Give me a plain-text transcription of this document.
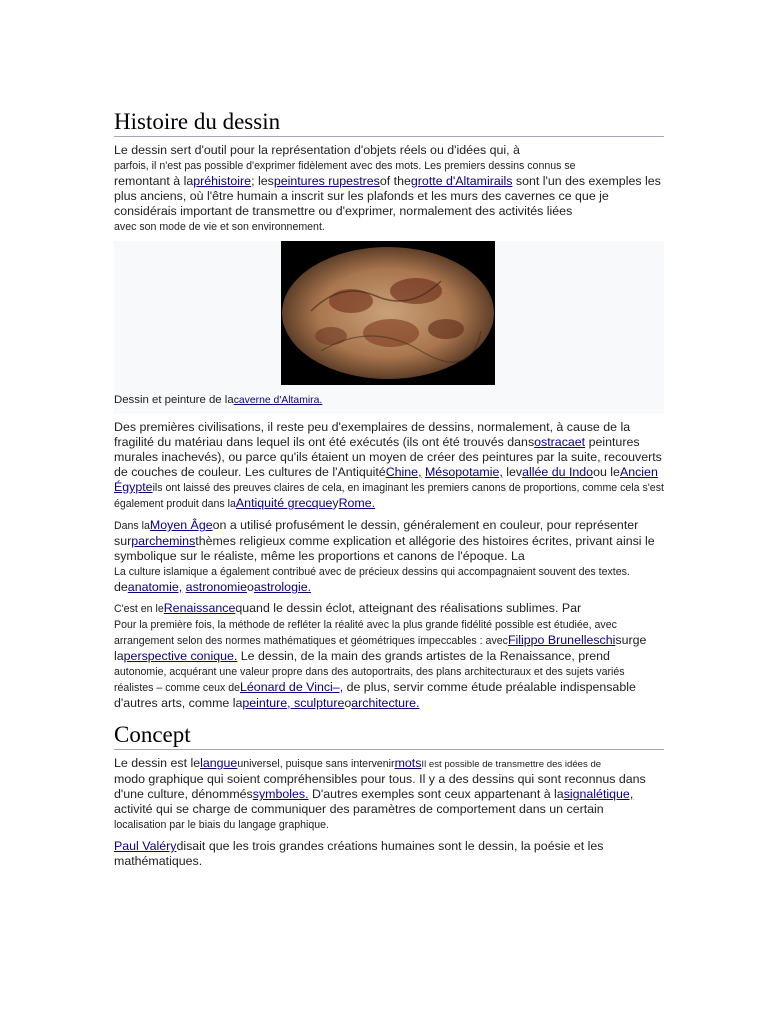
Histoire du dessin

Le dessin sert d'outil pour la représentation d'objets réels ou d'idées qui, à
parfois, il n'est pas possible d'exprimer fidèlement avec des mots. Les premiers dessins connus se
remontant à lapréhistoire; lespeintures rupestresof thegrotte d'Altamirails sont l'un des exemples les plus anciens, où l'être humain a inscrit sur les plafonds et les murs des cavernes ce que je considérais important de transmettre ou d'exprimer, normalement des activités liées
avec son mode de vie et son environnement.

Dessin et peinture de lacaverne d'Altamira.

Des premières civilisations, il reste peu d'exemplaires de dessins, normalement, à cause de la
fragilité du matériau dans lequel ils ont été exécutés (ils ont été trouvés dansostracaet peintures murales inachevés), ou parce qu'ils étaient un moyen de créer des peintures par la suite, recouverts de couches de couleur. Les cultures de l'AntiquitéChine, Mésopotamie, levallée du Indoou leAncien Égypteils ont laissé des preuves claires de cela, en imaginant les premiers canons de proportions, comme cela s'est également produit dans laAntiquité grecqueyRome.

Dans laMoyen Âgeon a utilisé profusément le dessin, généralement en couleur, pour représenter surparcheminsthèmes religieux comme explication et allégorie des histoires écrites, privant ainsi le symbolique sur le réaliste, même les proportions et canons de l'époque. La
La culture islamique a également contribué avec de précieux dessins qui accompagnaient souvent des textes.
deanatomie, astronomieoastrologie.

C'est en leRenaissancequand le dessin éclot, atteignant des réalisations sublimes. Par
Pour la première fois, la méthode de refléter la réalité avec la plus grande fidélité possible est étudiée, avec arrangement selon des normes mathématiques et géométriques impeccables : avecFilippo Brunelleschisurge laperspective conique. Le dessin, de la main des grands artistes de la Renaissance, prend
autonomie, acquérant une valeur propre dans des autoportraits, des plans architecturaux et des sujets variés réalistes – comme ceux deLéonard de Vinci–, de plus, servir comme étude préalable indispensable d'autres arts, comme lapeinture, sculptureoarchitecture.

Concept

Le dessin est lelangueuniversel, puisque sans intervenirmotsIl est possible de transmettre des idées de
modo graphique qui soient compréhensibles pour tous. Il y a des dessins qui sont reconnus dans d'une culture, dénomméssymboles. D'autres exemples sont ceux appartenant à lasignalétique, activité qui se charge de communiquer des paramètres de comportement dans un certain
localisation par le biais du langage graphique.

Paul Valérydisait que les trois grandes créations humaines sont le dessin, la poésie et les mathématiques.
